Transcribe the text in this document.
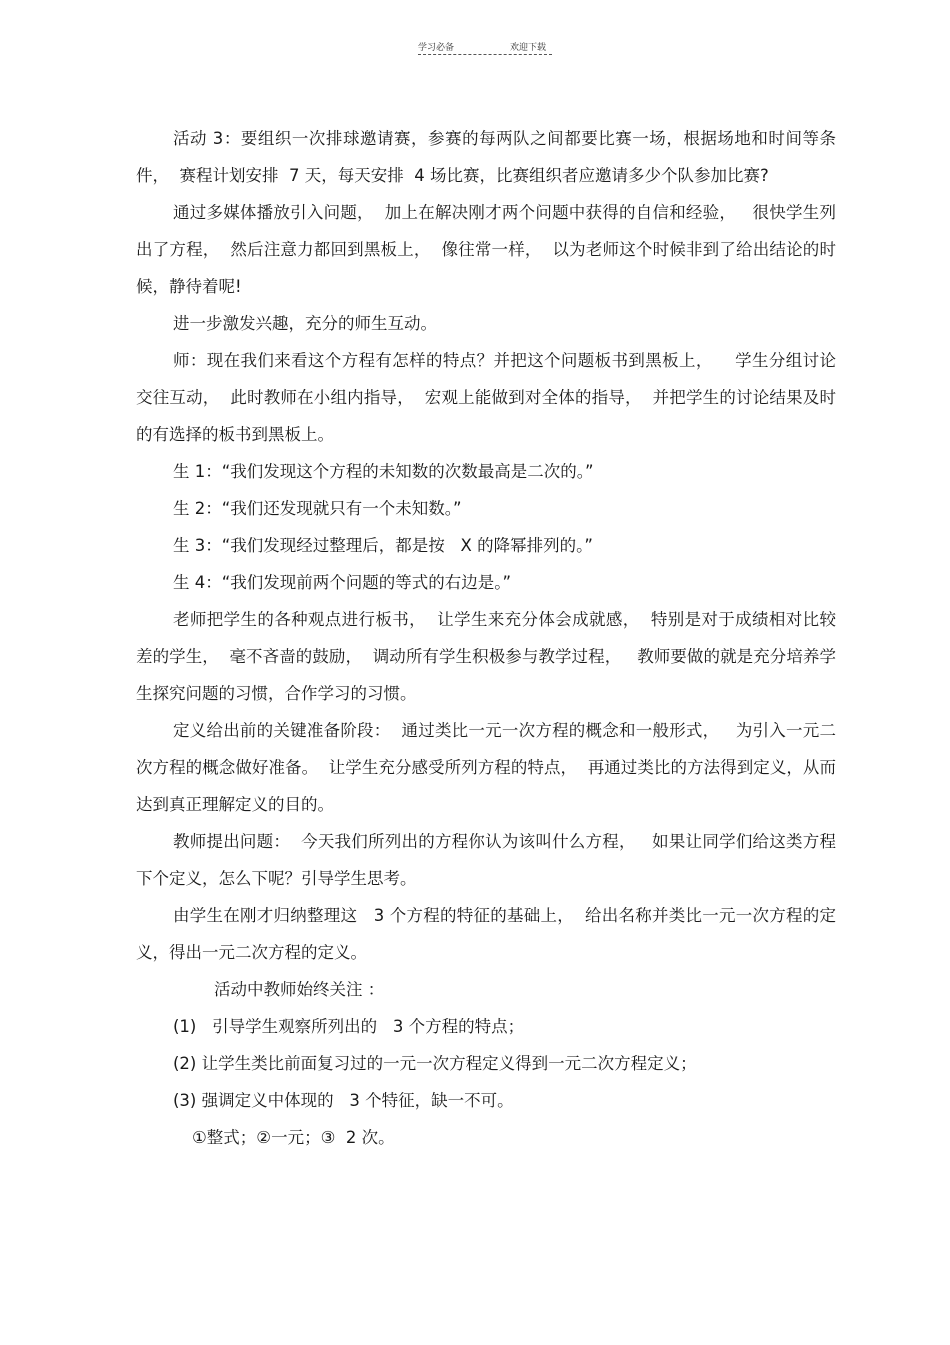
学习必备	欢迎下载

活动 3：要组织一次排球邀请赛，参赛的每两队之间都要比赛一场，根据场地和时间等条件，  赛程计划安排  7 天，每天安排  4 场比赛，比赛组织者应邀请多少个队参加比赛?

通过多媒体播放引入问题，  加上在解决刚才两个问题中获得的自信和经验，   很快学生列出了方程，  然后注意力都回到黑板上，  像往常一样，  以为老师这个时候非到了给出结论的时候，静待着呢!

进一步激发兴趣，充分的师生互动。

师：现在我们来看这个方程有怎样的特点？并把这个问题板书到黑板上，    学生分组讨论交往互动，  此时教师在小组内指导，  宏观上能做到对全体的指导，  并把学生的讨论结果及时的有选择的板书到黑板上。

生 1：“我们发现这个方程的未知数的次数最高是二次的。”

生 2：“我们还发现就只有一个未知数。”

生 3：“我们发现经过整理后，都是按   X 的降幂排列的。”

生 4：“我们发现前两个问题的等式的右边是。”

老师把学生的各种观点进行板书，  让学生来充分体会成就感，  特别是对于成绩相对比较差的学生，  毫不吝啬的鼓励，  调动所有学生积极参与教学过程，   教师要做的就是充分培养学生探究问题的习惯，合作学习的习惯。

定义给出前的关键准备阶段：  通过类比一元一次方程的概念和一般形式，   为引入一元二次方程的概念做好准备。  让学生充分感受所列方程的特点，  再通过类比的方法得到定义，从而达到真正理解定义的目的。

教师提出问题：  今天我们所列出的方程你认为该叫什么方程，   如果让同学们给这类方程下个定义，怎么下呢？引导学生思考。

由学生在刚才归纳整理这   3 个方程的特征的基础上，  给出名称并类比一元一次方程的定义，得出一元二次方程的定义。

活动中教师始终关注 ：

(1)   引导学生观察所列出的   3 个方程的特点；

(2) 让学生类比前面复习过的一元一次方程定义得到一元二次方程定义；

(3) 强调定义中体现的   3 个特征，缺一不可。

①整式；②一元；③  2 次。
